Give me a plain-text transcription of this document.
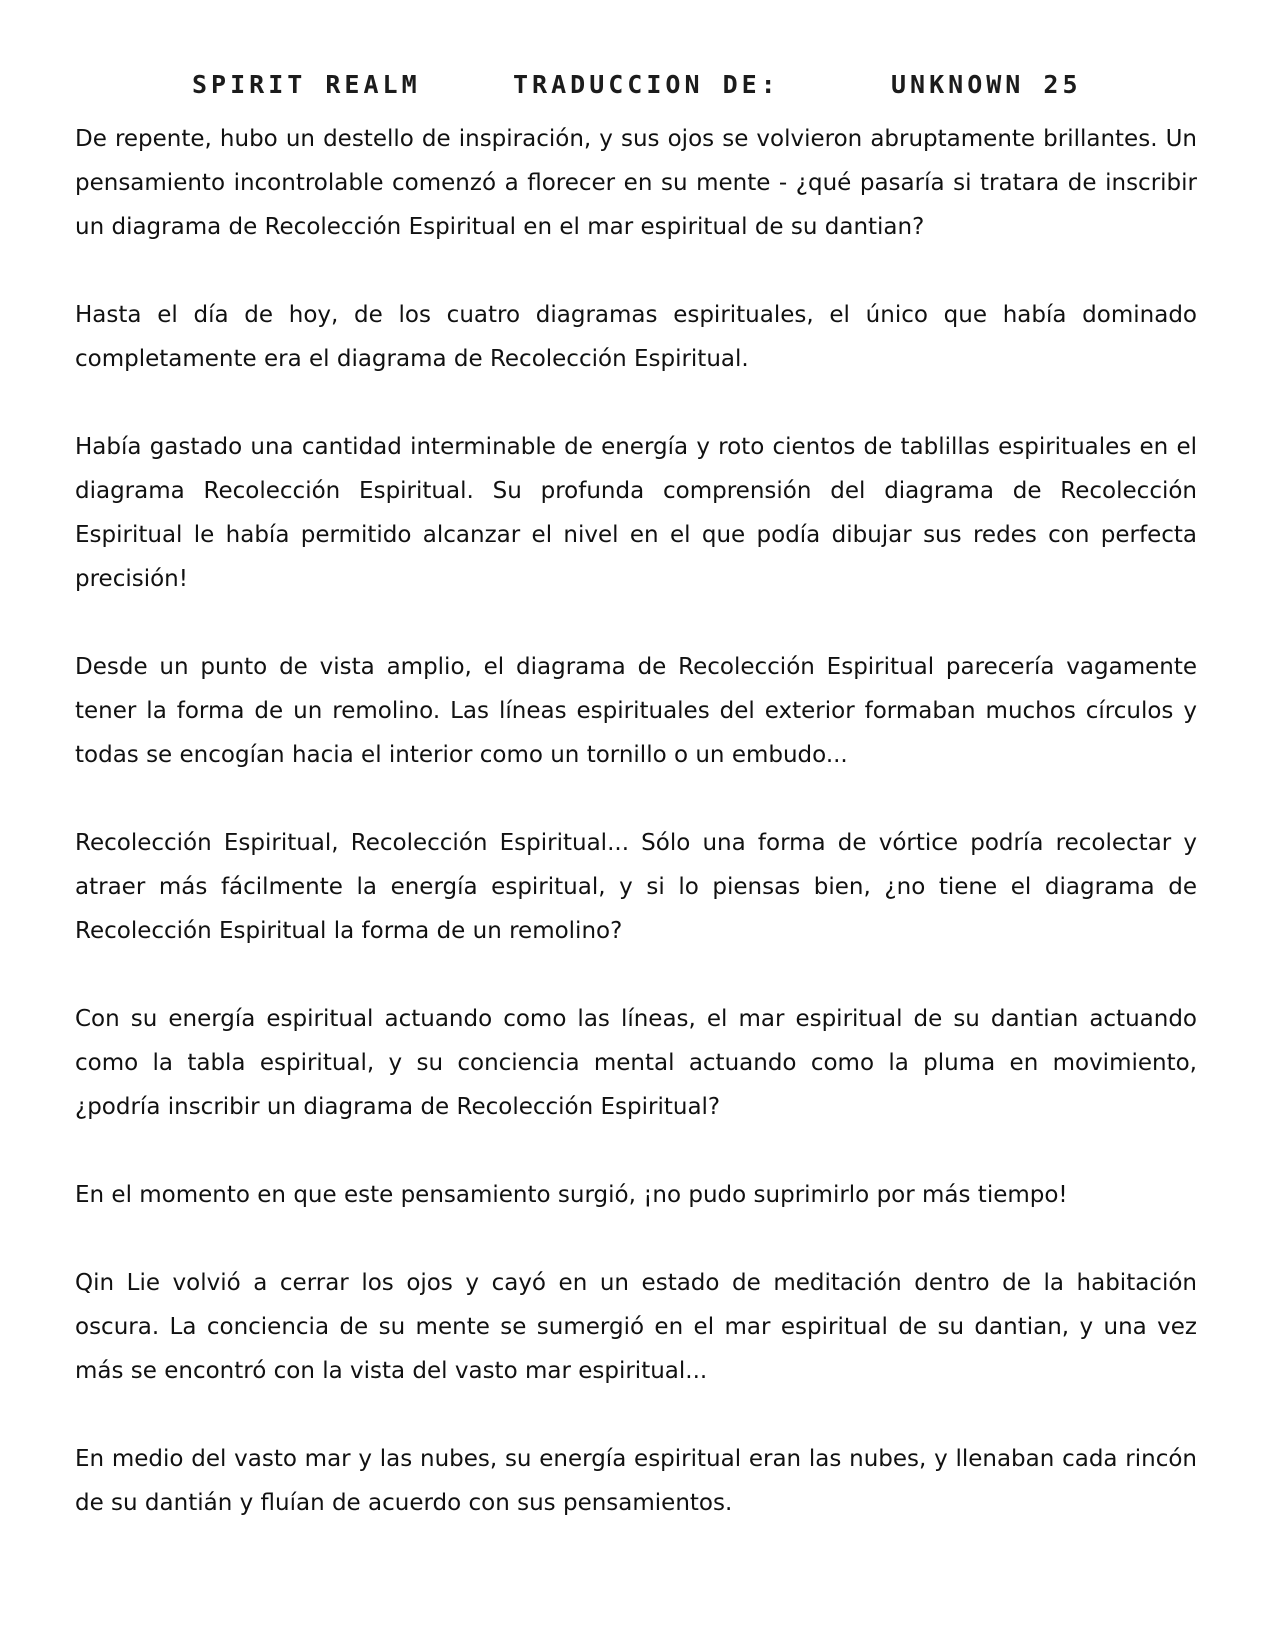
SPIRIT REALM	TRADUCCION DE:	UNKNOWN 25

De repente, hubo un destello de inspiración, y sus ojos se volvieron abruptamente brillantes. Un pensamiento incontrolable comenzó a florecer en su mente - ¿qué pasaría si tratara de inscribir un diagrama de Recolección Espiritual en el mar espiritual de su dantian?

Hasta el día de hoy, de los cuatro diagramas espirituales, el único que había dominado completamente era el diagrama de Recolección Espiritual.

Había gastado una cantidad interminable de energía y roto cientos de tablillas espirituales en el diagrama Recolección Espiritual. Su profunda comprensión del diagrama de Recolección Espiritual le había permitido alcanzar el nivel en el que podía dibujar sus redes con perfecta precisión!

Desde un punto de vista amplio, el diagrama de Recolección Espiritual parecería vagamente tener la forma de un remolino. Las líneas espirituales del exterior formaban muchos círculos y todas se encogían hacia el interior como un tornillo o un embudo...

Recolección Espiritual, Recolección Espiritual... Sólo una forma de vórtice podría recolectar y atraer más fácilmente la energía espiritual, y si lo piensas bien, ¿no tiene el diagrama de Recolección Espiritual la forma de un remolino?

Con su energía espiritual actuando como las líneas, el mar espiritual de su dantian actuando como la tabla espiritual, y su conciencia mental actuando como la pluma en movimiento, ¿podría inscribir un diagrama de Recolección Espiritual?

En el momento en que este pensamiento surgió, ¡no pudo suprimirlo por más tiempo!

Qin Lie volvió a cerrar los ojos y cayó en un estado de meditación dentro de la habitación oscura. La conciencia de su mente se sumergió en el mar espiritual de su dantian, y una vez más se encontró con la vista del vasto mar espiritual...

En medio del vasto mar y las nubes, su energía espiritual eran las nubes, y llenaban cada rincón de su dantián y fluían de acuerdo con sus pensamientos.
